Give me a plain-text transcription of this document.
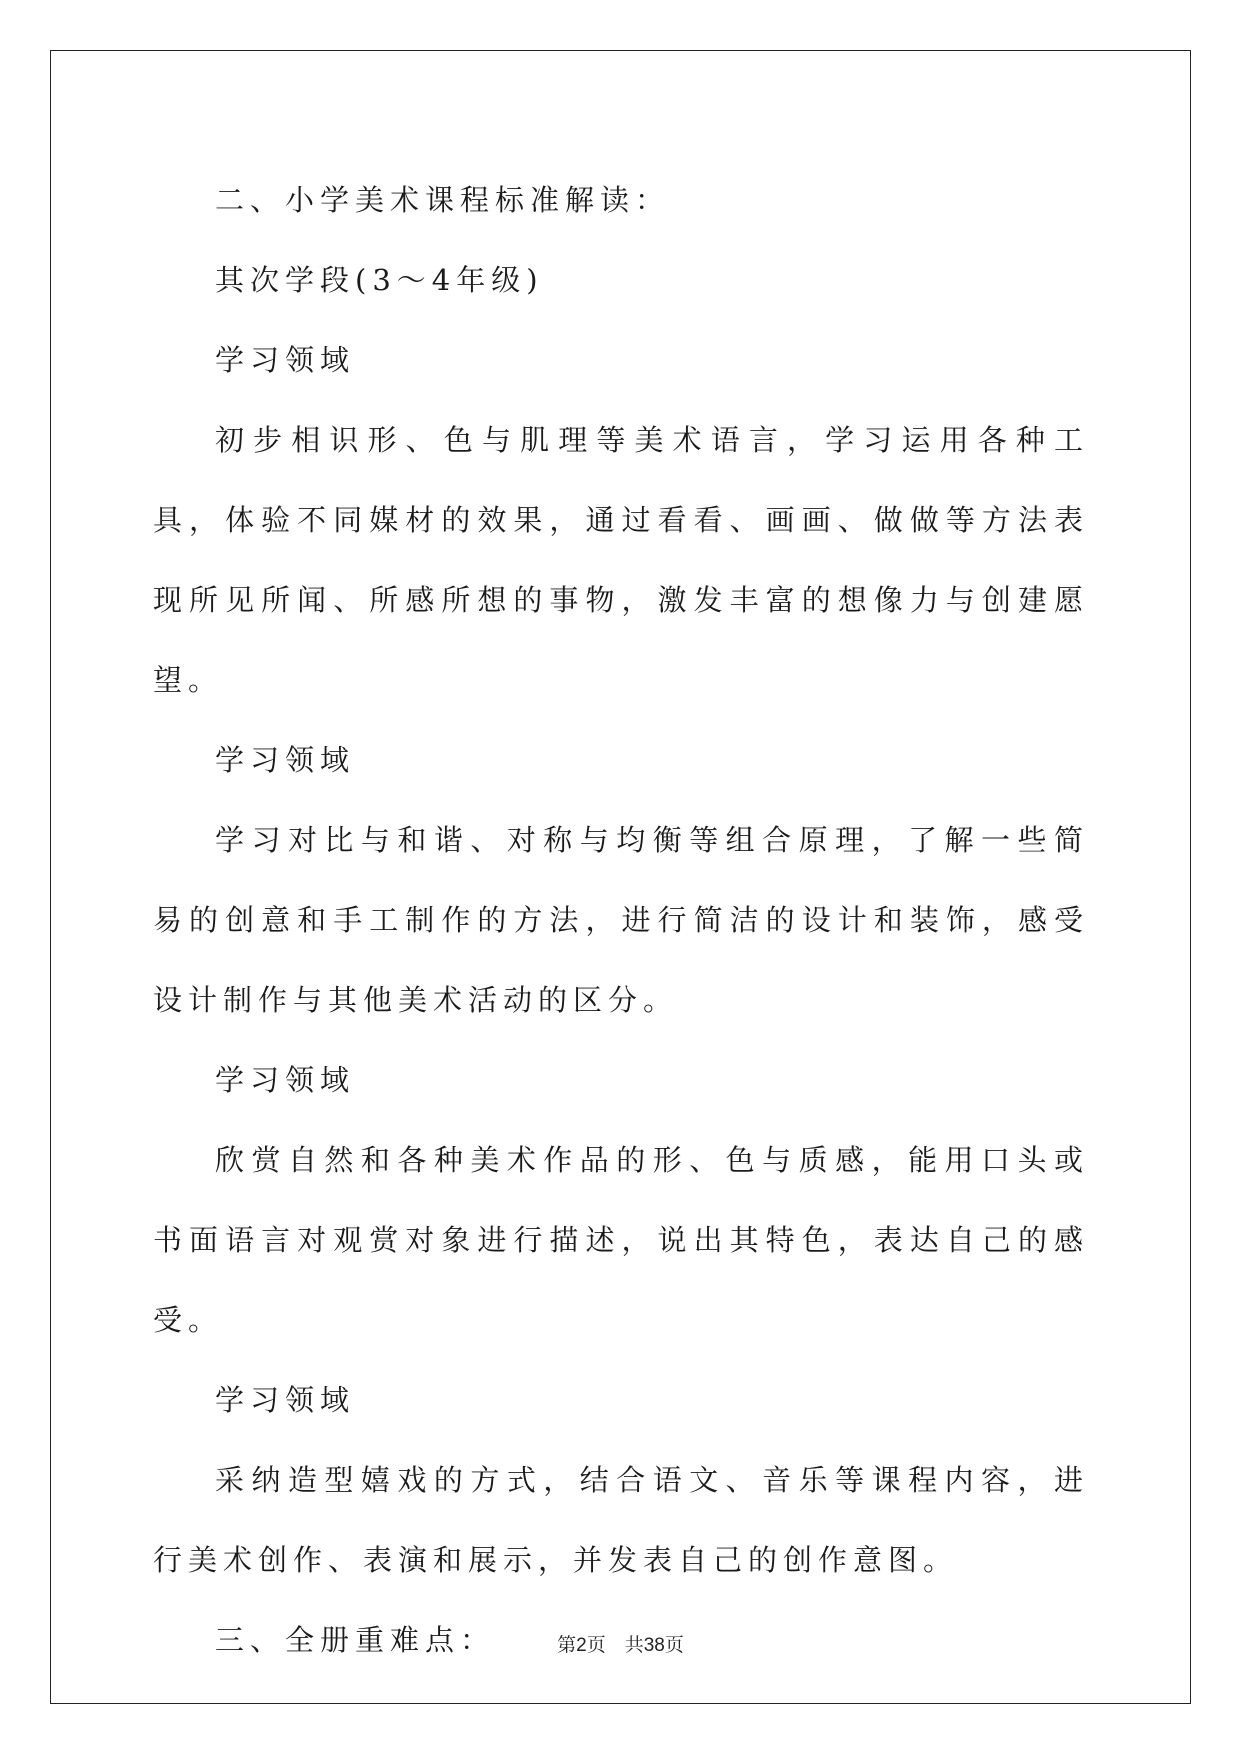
二、小学美术课程标准解读：

其次学段(3～4年级)

学习领域

初步相识形、色与肌理等美术语言，学习运用各种工具，体验不同媒材的效果，通过看看、画画、做做等方法表现所见所闻、所感所想的事物，激发丰富的想像力与创建愿望。

学习领域

学习对比与和谐、对称与均衡等组合原理，了解一些简易的创意和手工制作的方法，进行简洁的设计和装饰，感受设计制作与其他美术活动的区分。

学习领域

欣赏自然和各种美术作品的形、色与质感，能用口头或书面语言对观赏对象进行描述，说出其特色，表达自己的感受。

学习领域

采纳造型嬉戏的方式，结合语文、音乐等课程内容，进行美术创作、表演和展示，并发表自己的创作意图。

三、全册重难点：	第2页　共38页
